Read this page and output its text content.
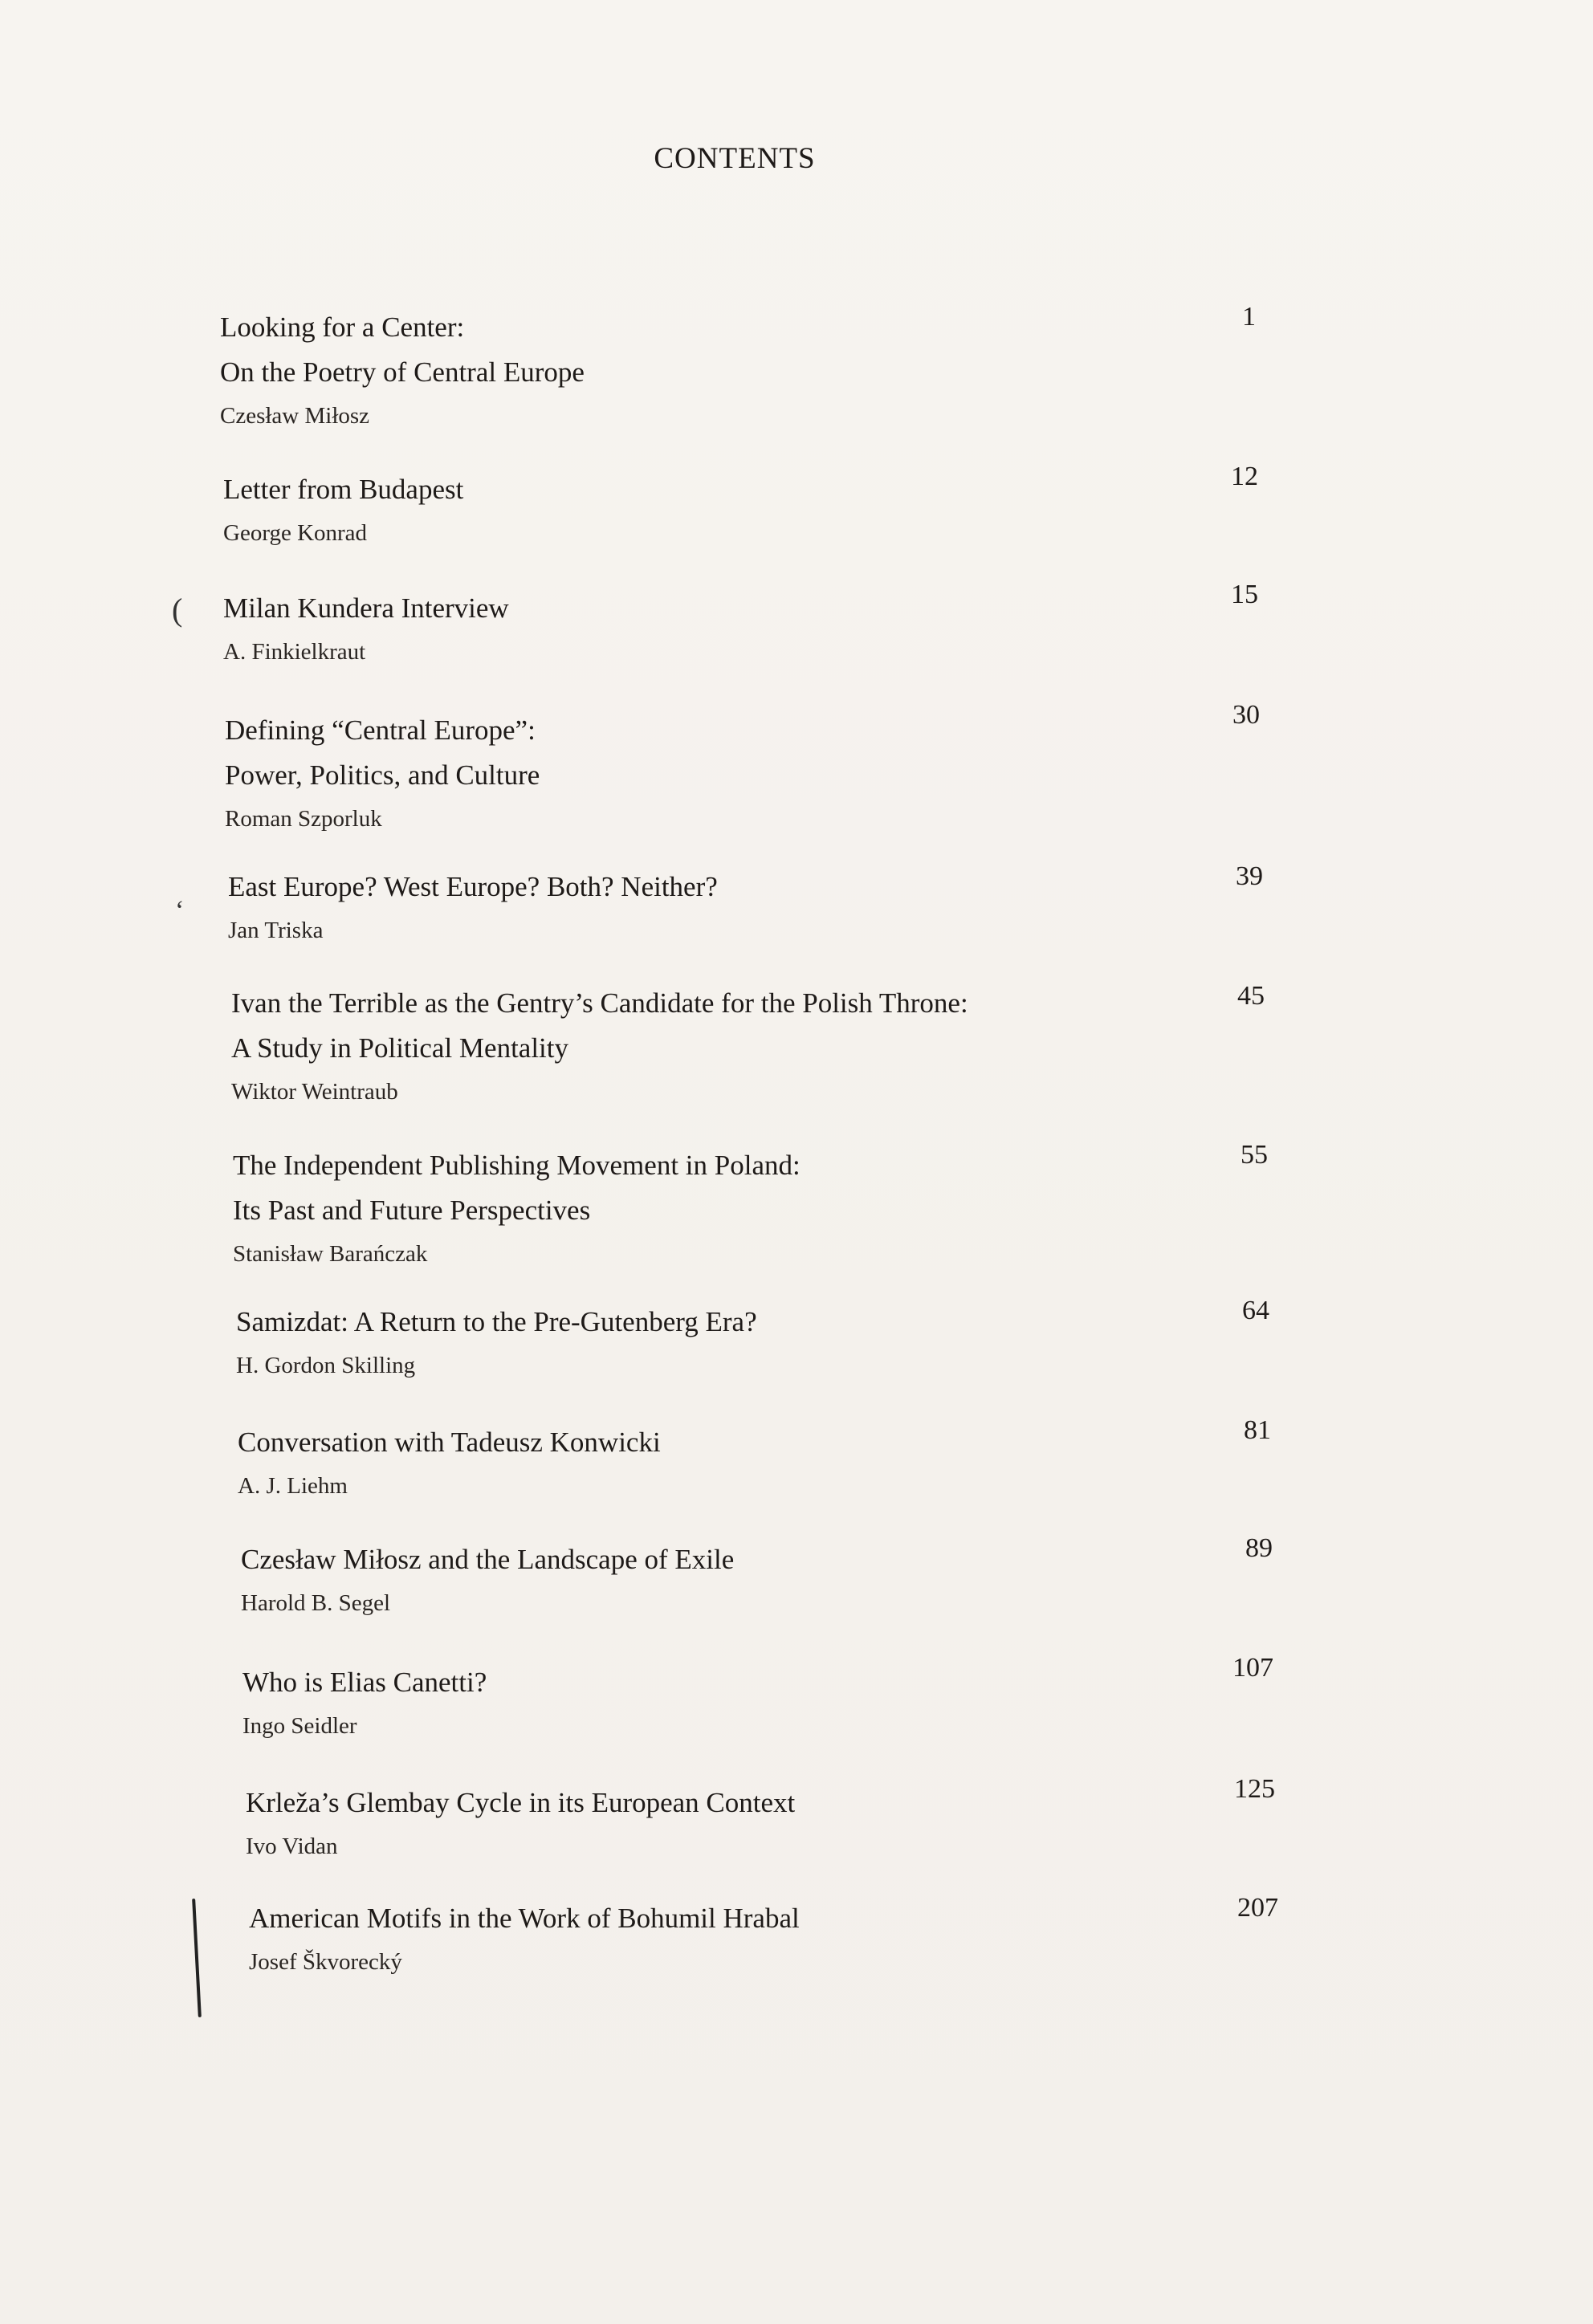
CONTENTS
Looking for a Center:
On the Poetry of Central Europe
Czesław Miłosz
1
Letter from Budapest
George Konrad
12
Milan Kundera Interview
A. Finkielkraut
15
(
Defining “Central Europe”:
Power, Politics, and Culture
Roman Szporluk
30
East Europe? West Europe? Both? Neither?
Jan Triska
39
‘
Ivan the Terrible as the Gentry’s Candidate for the Polish Throne:
A Study in Political Mentality
Wiktor Weintraub
45
The Independent Publishing Movement in Poland:
Its Past and Future Perspectives
Stanisław Barańczak
55
Samizdat: A Return to the Pre-Gutenberg Era?
H. Gordon Skilling
64
Conversation with Tadeusz Konwicki
A. J. Liehm
81
Czesław Miłosz and the Landscape of Exile
Harold B. Segel
89
Who is Elias Canetti?
Ingo Seidler
107
Krleža’s Glembay Cycle in its European Context
Ivo Vidan
125
American Motifs in the Work of Bohumil Hrabal
Josef Škvorecký
207
